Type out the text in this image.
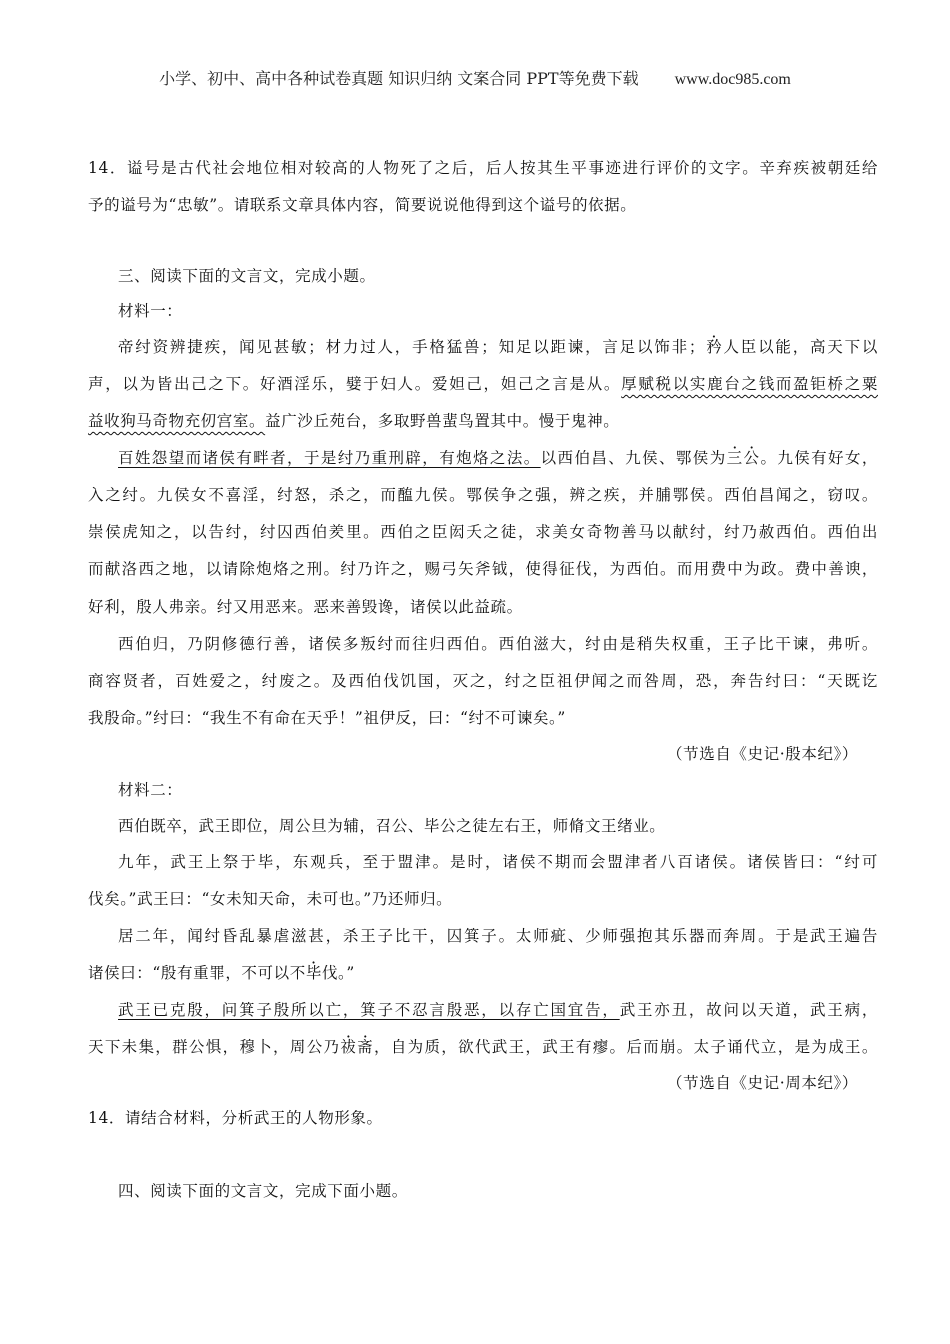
小学、初中、高中各种试卷真题 知识归纳 文案合同 PPT等免费下载 www.doc985.com
14．谥号是古代社会地位相对较高的人物死了之后，后人按其生平事迹进行评价的文字。辛弃疾被朝廷给
予的谥号为“忠敏”。请联系文章具体内容，简要说说他得到这个谥号的依据。
三、阅读下面的文言文，完成小题。
材料一：
帝纣资辨捷疾，闻见甚敏；材力过人，手格猛兽；知足以距谏，言足以饰非；矜人臣以能，高天下以
声，以为皆出己之下。好酒淫乐，嬖于妇人。爱妲己，妲己之言是从。厚赋税以实鹿台之钱而盈钜桥之粟
益收狗马奇物充仞宫室。益广沙丘苑台，多取野兽蜚鸟置其中。慢于鬼神。
百姓怨望而诸侯有畔者，于是纣乃重刑辟，有炮烙之法。以西伯昌、九侯、鄂侯为三公。九侯有好女，
入之纣。九侯女不喜淫，纣怒，杀之，而醢九侯。鄂侯争之强，辨之疾，并脯鄂侯。西伯昌闻之，窃叹。
崇侯虎知之，以告纣，纣囚西伯羑里。西伯之臣闳夭之徒，求美女奇物善马以献纣，纣乃赦西伯。西伯出
而献洛西之地，以请除炮烙之刑。纣乃许之，赐弓矢斧钺，使得征伐，为西伯。而用费中为政。费中善谀，
好利，殷人弗亲。纣又用恶来。恶来善毁谗，诸侯以此益疏。
西伯归，乃阴修德行善，诸侯多叛纣而往归西伯。西伯滋大，纣由是稍失权重，王子比干谏，弗听。
商容贤者，百姓爱之，纣废之。及西伯伐饥国，灭之，纣之臣祖伊闻之而咎周，恐，奔告纣曰：“天既讫
我殷命。”纣曰：“我生不有命在天乎！”祖伊反，曰：“纣不可谏矣。”
（节选自《史记·殷本纪》）
材料二：
西伯既卒，武王即位，周公旦为辅，召公、毕公之徒左右王，师脩文王绪业。
九年，武王上祭于毕，东观兵，至于盟津。是时，诸侯不期而会盟津者八百诸侯。诸侯皆曰：“纣可
伐矣。”武王曰：“女未知天命，未可也。”乃还师归。
居二年，闻纣昏乱暴虐滋甚，杀王子比干，囚箕子。太师疵、少师强抱其乐器而奔周。于是武王遍告
诸侯曰：“殷有重罪，不可以不毕伐。”
武王已克殷，问箕子殷所以亡，箕子不忍言殷恶，以存亡国宜告，武王亦丑，故问以天道，武王病，
天下未集，群公惧，穆卜，周公乃祓斋，自为质，欲代武王，武王有瘳。后而崩。太子诵代立，是为成王。
（节选自《史记·周本纪》）
14．请结合材料，分析武王的人物形象。
四、阅读下面的文言文，完成下面小题。
